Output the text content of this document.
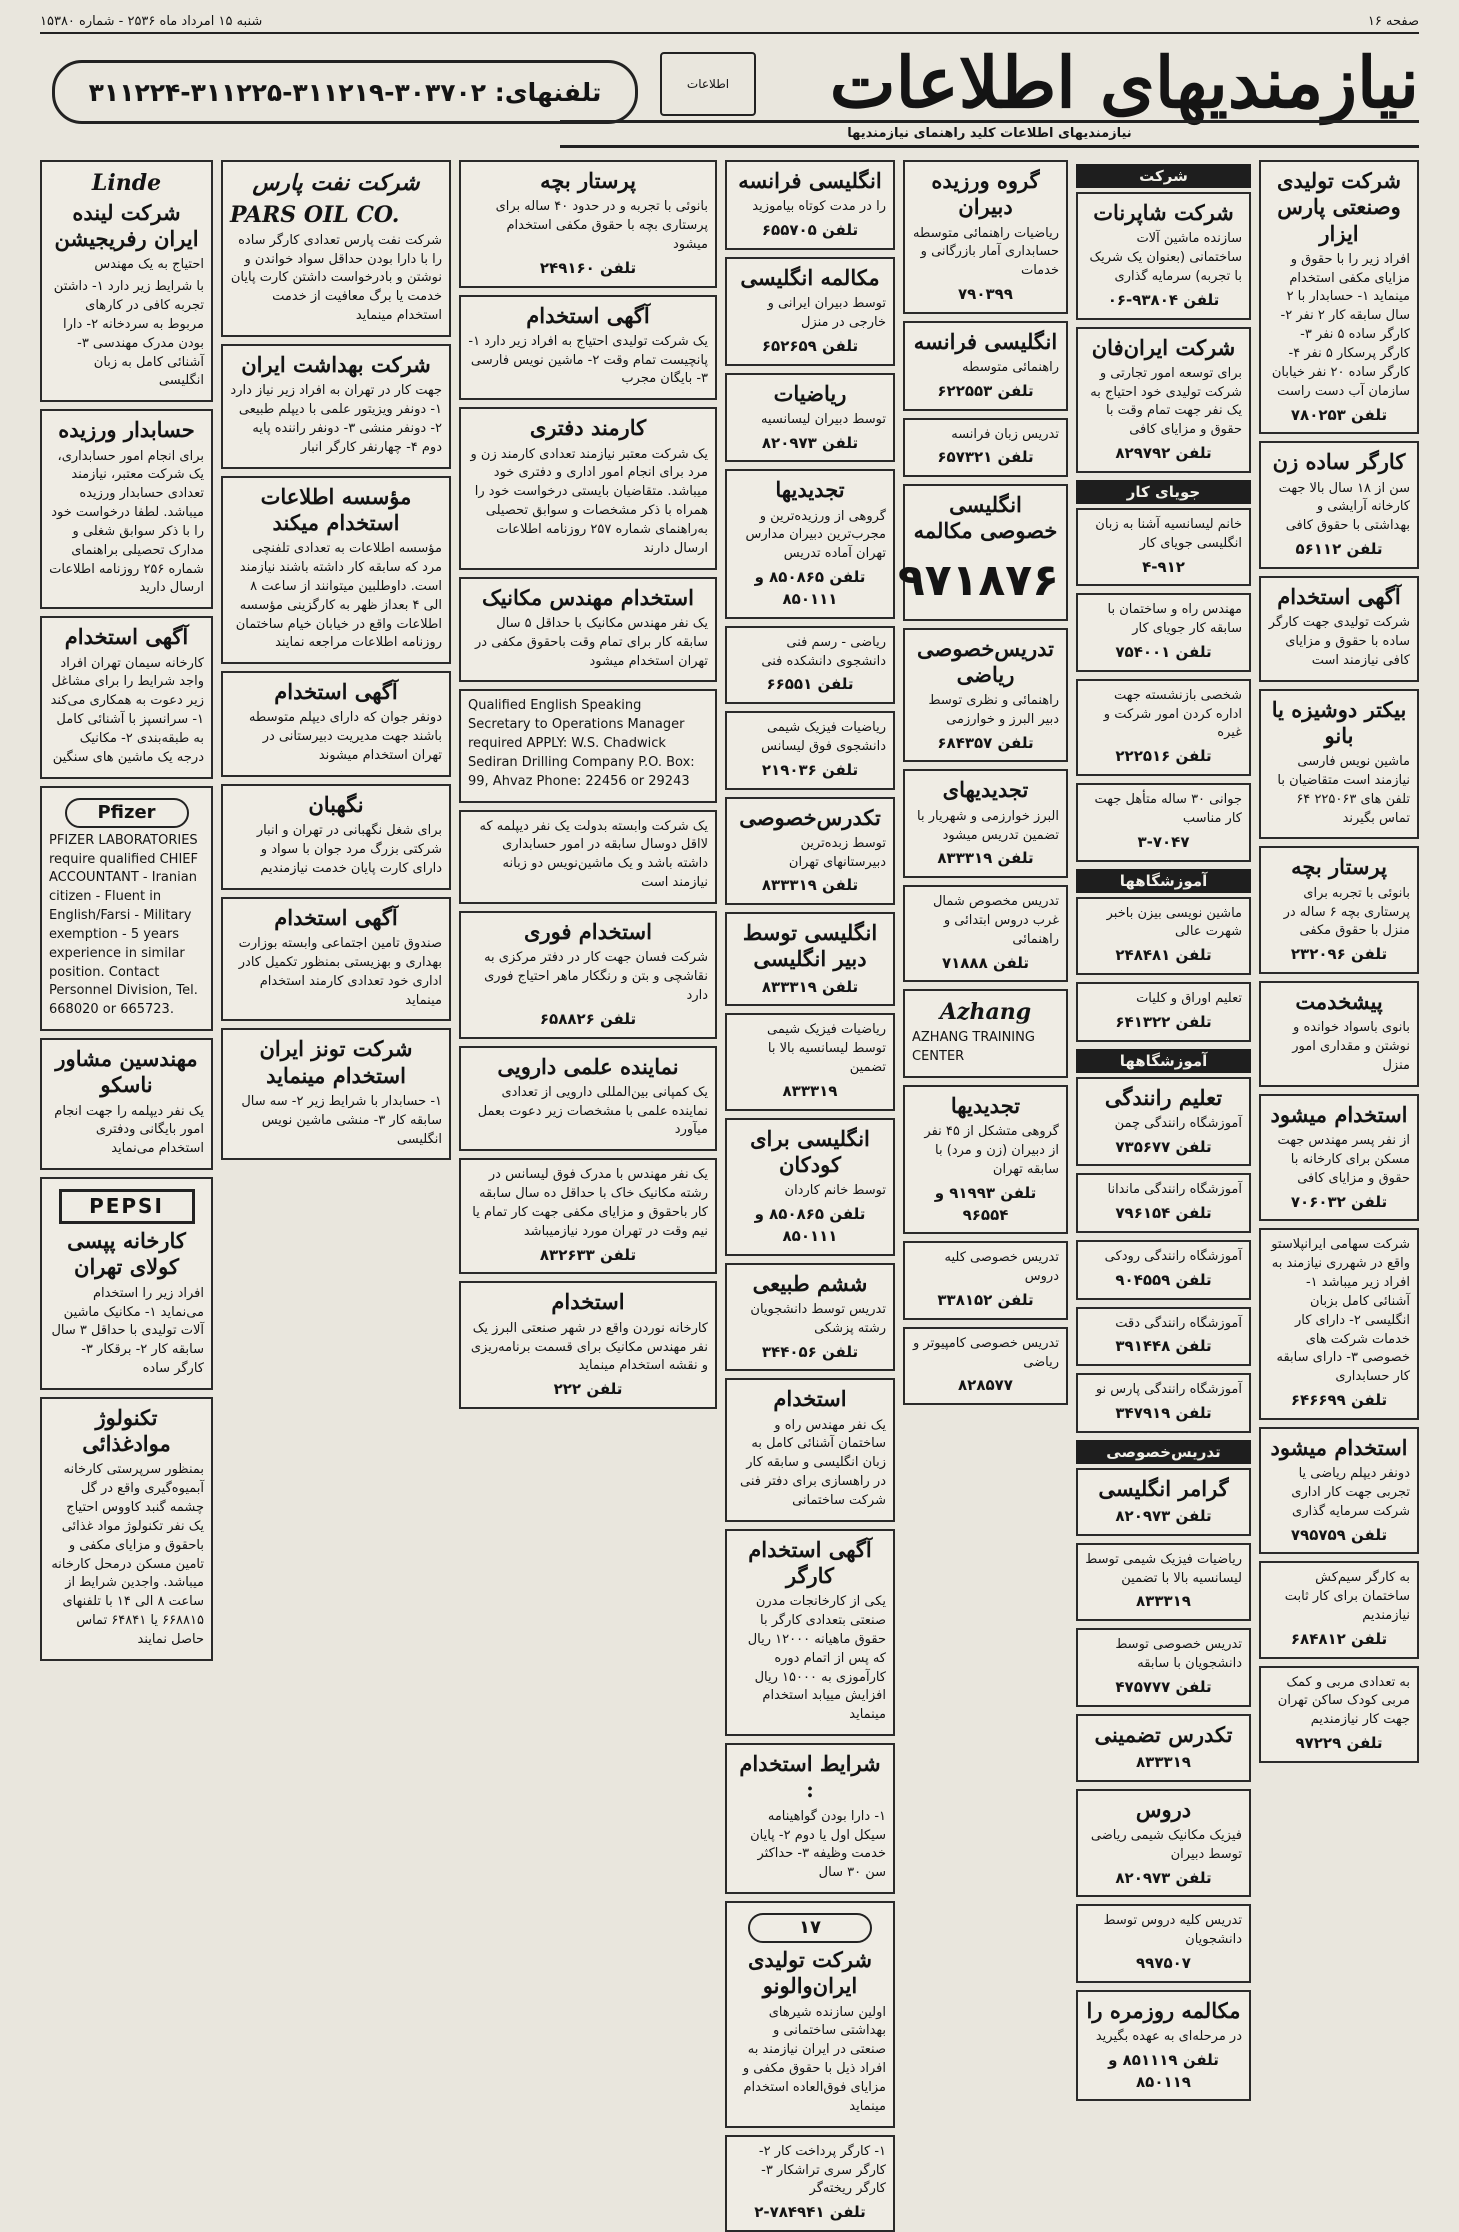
صفحه ۱۶
شنبه ۱۵ امرداد ماه ۲۵۳۶ - شماره ۱۵۳۸۰
نیازمندیهای اطلاعات
اطلاعات
تلفنهای:

۳۱۱۲۲۴-۳۱۱۲۲۵-۳۱۱۲۱۹-۳۰۳۷۰۲
نیازمندیهای اطلاعات کلید راهنمای نیازمندیها
شرکت تولیدی وصنعتی پارس ایزار

افراد زیر را با حقوق و مزایای مکفی استخدام مینماید ۱- حسابدار با ۲ سال سابقه کار ۲ نفر ۲- کارگر ساده ۵ نفر ۳- کارگر پرسکار ۵ نفر ۴- کارگر ساده ۲۰ نفر خیابان سازمان آب دست راست

تلفن ۷۸۰۲۵۳
کارگر ساده زن

سن از ۱۸ سال بالا جهت کارخانه آرایشی و بهداشتی با حقوق کافی

تلفن ۵۶۱۱۲
آگهی استخدام

شرکت تولیدی جهت کارگر ساده با حقوق و مزایای کافی نیازمند است

بیکتر دوشیزه یا بانو

ماشین نویس فارسی نیازمند است متقاضیان با تلفن های ۲۲۵۰۶۳ ۶۴ تماس بگیرند

پرستار بچه

بانوئی با تجربه برای پرستاری بچه ۶ ساله در منزل با حقوق مکفی

تلفن ۲۳۲۰۹۶
پیشخدمت

بانوی باسواد خوانده و نوشتن و مقداری امور منزل

استخدام میشود

از نفر پسر مهندس جهت مسکن برای کارخانه با حقوق و مزایای کافی

تلفن ۷۰۶۰۳۲

شرکت سهامی ایرانپلاستو واقع در شهرری نیازمند به افراد زیر میباشد ۱- آشنائی کامل بزبان انگلیسی ۲- دارای کار خدمات شرکت های خصوصی ۳- دارای سابقه کار حسابداری

تلفن ۶۴۶۶۹۹
استخدام میشود

دونفر دیپلم ریاضی یا تجربی جهت کار اداری شرکت سرمایه گذاری

تلفن ۷۹۵۷۵۹

به کارگر سیم‌کش ساختمان برای کار ثابت نیازمندیم

تلفن ۶۸۴۸۱۲

به تعدادی مربی و کمک مربی کودک ساکن تهران جهت کار نیازمندیم

تلفن ۹۷۲۲۹
شرکت
شرکت شاپرنات

سازنده ماشین آلات ساختمانی (بعنوان یک شریک با تجربه) سرمایه گذاری

تلفن ۹۳۸۰۴-۰۶
شرکت ایران‌فان

برای توسعه امور تجارتی و شرکت تولیدی خود احتیاج به یک نفر جهت تمام وقت با حقوق و مزایای کافی

تلفن ۸۲۹۷۹۲
جویای کار

خانم لیسانسیه آشنا به زبان انگلیسی جویای کار

۴-۹۱۲

مهندس راه و ساختمان با سابقه کار جویای کار

تلفن ۷۵۴۰۰۱

شخصی بازنشسته جهت اداره کردن امور شرکت و غیره

تلفن ۲۲۲۵۱۶

جوانی ۳۰ ساله متأهل جهت کار مناسب

۳-۷۰۴۷
آموزشگاهها

ماشین نویسی بیزن باخبر شهرت عالی

تلفن ۲۴۸۴۸۱

تعلیم اوراق و کلیات

تلفن ۶۴۱۳۲۲
آموزشگاهها
تعلیم رانندگی

آموزشگاه رانندگی چمن

تلفن ۷۳۵۶۷۷

آموزشگاه رانندگی ماندانا

تلفن ۷۹۶۱۵۴

آموزشگاه رانندگی رودکی

تلفن ۹۰۴۵۵۹

آموزشگاه رانندگی دقت

تلفن ۳۹۱۴۴۸

آموزشگاه رانندگی پارس نو

تلفن ۳۴۷۹۱۹
تدریس‌خصوصی
گرامر انگلیسی
تلفن ۸۲۰۹۷۳

ریاضیات فیزیک شیمی توسط لیسانسیه بالا با تضمین

۸۳۳۳۱۹

تدریس خصوصی توسط دانشجویان با سابقه

تلفن ۴۷۵۷۷۷
تکدرس تضمینی
۸۳۳۳۱۹
دروس

فیزیک مکانیک شیمی ریاضی توسط دبیران

تلفن ۸۲۰۹۷۳

تدریس کلیه دروس توسط دانشجویان

۹۹۷۵۰۷
مکالمه روزمره را

در مرحله‌ای به عهده بگیرید

تلفن ۸۵۱۱۱۹ و ۸۵۰۱۱۹
گروه ورزیده دبیران

ریاضیات راهنمائی متوسطه حسابداری آمار بازرگانی و خدمات

۷۹۰۳۹۹
انگلیسی فرانسه

راهنمائی متوسطه

تلفن ۶۲۲۵۵۳

تدریس زبان فرانسه

تلفن ۶۵۷۳۲۱
انگلیسی خصوصی مکالمه
۹۷۱۸۷۶
تدریس‌خصوصی ریاضی

راهنمائی و نظری توسط دبیر البرز و خوارزمی

تلفن ۶۸۴۳۵۷
تجدیدیهای

البرز خوارزمی و شهریار با تضمین تدریس میشود

تلفن ۸۳۳۳۱۹

تدریس مخصوص شمال غرب دروس ابتدائی و راهنمائی

تلفن ۷۱۸۸۸
Azhang

AZHANG TRAINING CENTER

تجدیدیها

گروهی متشکل از ۴۵ نفر از دبیران (زن و مرد) با سابقه تهران

تلفن ۹۱۹۹۳ و ۹۶۵۵۴

تدریس خصوصی کلیه دروس

تلفن ۳۳۸۱۵۲

تدریس خصوصی کامپیوتر و ریاضی

۸۲۸۵۷۷
انگلیسی فرانسه

را در مدت کوتاه بیاموزید

تلفن ۶۵۵۷۰۵
مکالمه انگلیسی

توسط دبیران ایرانی و خارجی در منزل

تلفن ۶۵۲۶۵۹
ریاضیات

توسط دبیران لیسانسیه

تلفن ۸۲۰۹۷۳
تجدیدیها

گروهی از ورزیده‌ترین و مجرب‌ترین دبیران مدارس تهران آماده تدریس

تلفن ۸۵۰۸۶۵ و ۸۵۰۱۱۱

ریاضی - رسم فنی دانشجوی دانشکده فنی

تلفن ۶۶۵۵۱

ریاضیات فیزیک شیمی دانشجوی فوق لیسانس

تلفن ۲۱۹۰۳۶
تکدرس‌خصوصی

توسط زبده‌ترین دبیرستانهای تهران

تلفن ۸۳۳۳۱۹
انگلیسی توسط دبیر انگلیسی
تلفن ۸۳۳۳۱۹

ریاضیات فیزیک شیمی توسط لیسانسیه بالا با تضمین

۸۳۳۳۱۹
انگلیسی برای کودکان

توسط خانم کاردان

تلفن ۸۵۰۸۶۵ و ۸۵۰۱۱۱
ششم طبیعی

تدریس توسط دانشجویان رشته پزشکی

تلفن ۳۴۴۰۵۶
استخدام

یک نفر مهندس راه و ساختمان آشنائی کامل به زبان انگلیسی و سابقه کار در راهسازی برای دفتر فنی شرکت ساختمانی

آگهی استخدام کارگر

یکی از کارخانجات مدرن صنعتی بتعدادی کارگر با حقوق ماهیانه ۱۲۰۰۰ ریال که پس از اتمام دوره کارآموزی به ۱۵۰۰۰ ریال افزایش مییابد استخدام مینماید

شرایط استخدام :

۱- دارا بودن گواهینامه سیکل اول یا دوم ۲- پایان خدمت وظیفه ۳- حداکثر سن ۳۰ سال

۱۷
شرکت تولیدی ایران‌والونو

اولین سازنده شیرهای بهداشتی ساختمانی و صنعتی در ایران نیازمند به افراد ذیل با حقوق مکفی و مزایای فوق‌العاده استخدام مینماید

۱- کارگر پرداخت کار ۲- کارگر سری تراشکار ۳- کارگر ریخته‌گر

تلفن ۷۸۴۹۴۱-۲
پرستار بچه

بانوئی با تجربه و در حدود ۴۰ ساله برای پرستاری بچه با حقوق مکفی استخدام میشود

تلفن ۲۴۹۱۶۰
آگهی استخدام

یک شرکت تولیدی احتیاج به افراد زیر دارد ۱- پانچیست تمام وقت ۲- ماشین نویس فارسی ۳- بایگان مجرب

کارمند دفتری

یک شرکت معتبر نیازمند تعدادی کارمند زن و مرد برای انجام امور اداری و دفتری خود میباشد. متقاضیان بایستی درخواست خود را همراه با ذکر مشخصات و سوابق تحصیلی به‌راهنمای شماره ۲۵۷ روزنامه اطلاعات ارسال دارند

استخدام مهندس مکانیک

یک نفر مهندس مکانیک با حداقل ۵ سال سابقه کار برای تمام وقت باحقوق مکفی در تهران استخدام میشود

Qualified English Speaking Secretary to Operations Manager required APPLY: W.S. Chadwick Sediran Drilling Company P.O. Box: 99, Ahvaz Phone: 22456 or 29243

یک شرکت وابسته بدولت یک نفر دیپلمه که لااقل دوسال سابقه در امور حسابداری داشته باشد و یک ماشین‌نویس دو زبانه نیازمند است

استخدام فوری

شرکت فسان جهت کار در دفتر مرکزی به نقاشچی و بتن و رنگکار ماهر احتیاج فوری دارد

تلفن ۶۵۸۸۲۶
نماینده علمی دارویی

یک کمپانی بین‌المللی دارویی از تعدادی نماینده علمی با مشخصات زیر دعوت بعمل میآورد

یک نفر مهندس با مدرک فوق لیسانس در رشته مکانیک خاک با حداقل ده سال سابقه کار باحقوق و مزایای مکفی جهت کار تمام یا نیم وقت در تهران مورد نیازمیباشد

تلفن ۸۳۲۶۳۳
استخدام

کارخانه نوردن واقع در شهر صنعتی البرز یک نفر مهندس مکانیک برای قسمت برنامه‌ریزی و نقشه استخدام مینماید

تلفن ۲۲۲
شرکت نفت پارس
PARS OIL CO.

شرکت نفت پارس تعدادی کارگر ساده را با دارا بودن حداقل سواد خواندن و نوشتن و بادرخواست داشتن کارت پایان خدمت یا برگ معافیت از خدمت استخدام مینماید

شرکت بهداشت ایران

جهت کار در تهران به افراد زیر نیاز دارد ۱- دونفر ویزیتور علمی با دیپلم طبیعی ۲- دونفر منشی ۳- دونفر راننده پایه دوم ۴- چهارنفر کارگر انبار

مؤسسه اطلاعات استخدام میکند

مؤسسه اطلاعات به تعدادی تلفنچی مرد که سابقه کار داشته باشند نیازمند است. داوطلبین میتوانند از ساعت ۸ الی ۴ بعداز ظهر به کارگزینی مؤسسه اطلاعات واقع در خیابان خیام ساختمان روزنامه اطلاعات مراجعه نمایند

آگهی استخدام

دونفر جوان که دارای دیپلم متوسطه باشند جهت مدیریت دبیرستانی در تهران استخدام میشوند

نگهبان

برای شغل نگهبانی در تهران و انبار شرکتی بزرگ مرد جوان با سواد و دارای کارت پایان خدمت نیازمندیم

آگهی استخدام

صندوق تامین اجتماعی وابسته بوزارت بهداری و بهزیستی بمنظور تکمیل کادر اداری خود تعدادی کارمند استخدام مینماید

شرکت تونز ایران استخدام مینماید

۱- حسابدار با شرایط زیر ۲- سه سال سابقه کار ۳- منشی ماشین نویس انگلیسی

Linde
شرکت لینده ایران رفریجیشن

احتیاج به یک مهندس

با شرایط زیر دارد ۱- داشتن تجربه کافی در کارهای مربوط به سردخانه ۲- دارا بودن مدرک مهندسی ۳- آشنائی کامل به زبان انگلیسی

حسابدار ورزیده

برای انجام امور حسابداری، یک شرکت معتبر، نیازمند تعدادی حسابدار ورزیده میباشد. لطفا درخواست خود را با ذکر سوابق شغلی و مدارک تحصیلی براهنمای شماره ۲۵۶ روزنامه اطلاعات ارسال دارید

آگهی استخدام

کارخانه سیمان تهران افراد واجد شرایط را برای مشاغل زیر دعوت به همکاری می‌کند ۱- سرانسپز با آشنائی کامل به طبقه‌بندی ۲- مکانیک درجه یک ماشین های سنگین

Pfizer

PFIZER LABORATORIES require qualified CHIEF ACCOUNTANT - Iranian citizen - Fluent in English/Farsi - Military exemption - 5 years experience in similar position. Contact Personnel Division, Tel. 668020 or 665723.

مهندسین مشاور ناسکو

یک نفر دیپلمه را جهت انجام امور بایگانی ودفتری استخدام می‌نماید

PEPSI
کارخانه پپسی کولای تهران

افراد زیر را استخدام می‌نماید ۱- مکانیک ماشین آلات تولیدی با حداقل ۳ سال سابقه کار ۲- برقکار ۳- کارگر ساده

تکنولوژ موادغذائی

بمنظور سرپرستی کارخانه آبمیوه‌گیری واقع در گل چشمه گنبد کاووس احتیاج یک نفر تکنولوژ مواد غذائی باحقوق و مزایای مکفی و تامین مسکن درمحل کارخانه میباشد. واجدین شرایط از ساعت ۸ الی ۱۴ با تلفنهای ۶۶۸۸۱۵ یا ۶۴۸۴۱ تماس حاصل نمایند
